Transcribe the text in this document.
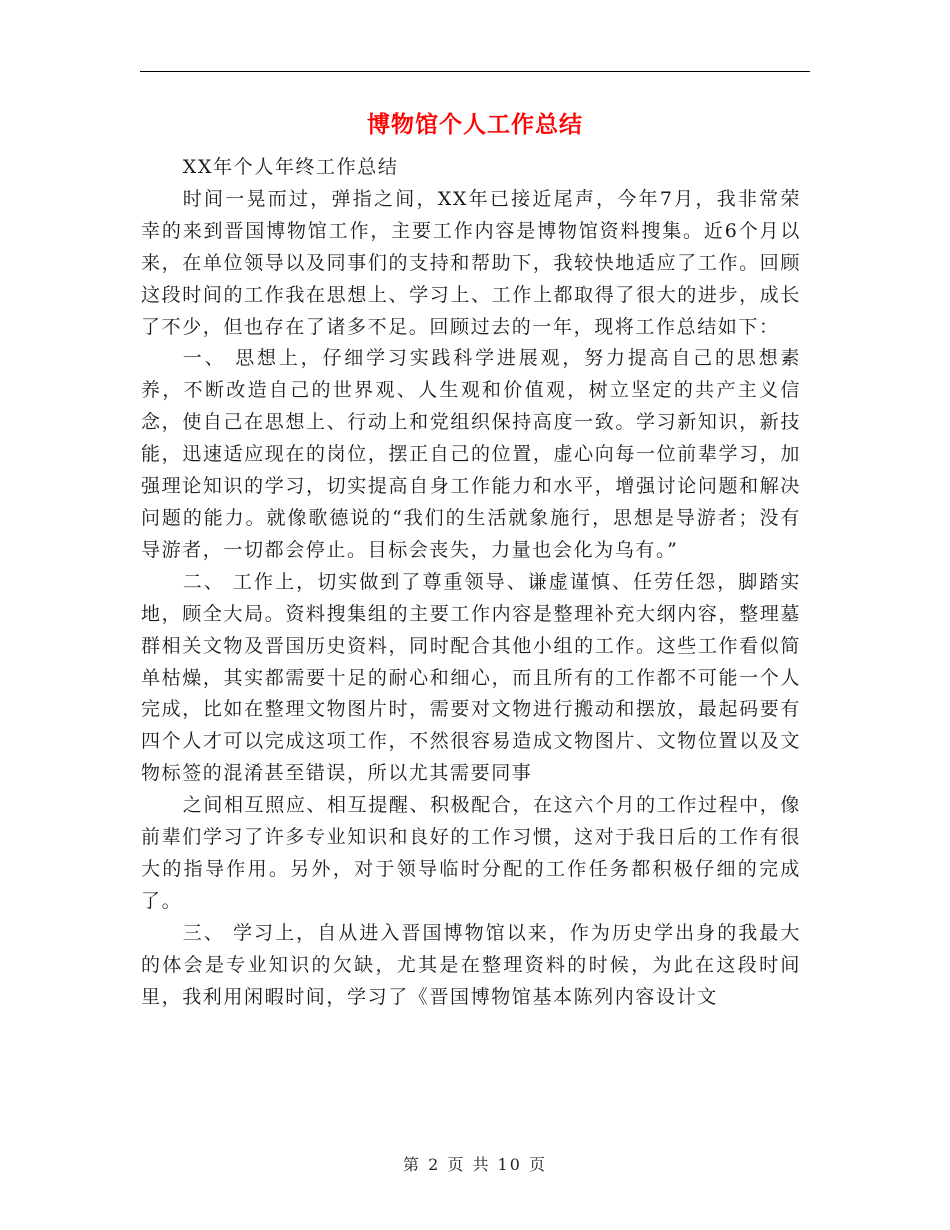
博物馆个人工作总结

XX年个人年终工作总结

时间一晃而过，弹指之间，XX年已接近尾声，今年7月，我非常荣幸的来到晋国博物馆工作，主要工作内容是博物馆资料搜集。近6个月以来，在单位领导以及同事们的支持和帮助下，我较快地适应了工作。回顾这段时间的工作我在思想上、学习上、工作上都取得了很大的进步，成长了不少，但也存在了诸多不足。回顾过去的一年，现将工作总结如下：

一、 思想上，仔细学习实践科学进展观，努力提高自己的思想素养，不断改造自己的世界观、人生观和价值观，树立坚定的共产主义信念，使自己在思想上、行动上和党组织保持高度一致。学习新知识，新技能，迅速适应现在的岗位，摆正自己的位置，虚心向每一位前辈学习，加强理论知识的学习，切实提高自身工作能力和水平，增强讨论问题和解决问题的能力。就像歌德说的“我们的生活就象施行，思想是导游者；没有导游者，一切都会停止。目标会丧失，力量也会化为乌有。”

二、 工作上，切实做到了尊重领导、谦虚谨慎、任劳任怨，脚踏实地，顾全大局。资料搜集组的主要工作内容是整理补充大纲内容，整理墓群相关文物及晋国历史资料，同时配合其他小组的工作。这些工作看似简单枯燥，其实都需要十足的耐心和细心，而且所有的工作都不可能一个人完成，比如在整理文物图片时，需要对文物进行搬动和摆放，最起码要有四个人才可以完成这项工作，不然很容易造成文物图片、文物位置以及文物标签的混淆甚至错误，所以尤其需要同事

之间相互照应、相互提醒、积极配合，在这六个月的工作过程中，像前辈们学习了许多专业知识和良好的工作习惯，这对于我日后的工作有很大的指导作用。另外，对于领导临时分配的工作任务都积极仔细的完成了。

三、 学习上，自从进入晋国博物馆以来，作为历史学出身的我最大的体会是专业知识的欠缺，尤其是在整理资料的时候，为此在这段时间里，我利用闲暇时间，学习了《晋国博物馆基本陈列内容设计文

第 2 页 共 10 页
